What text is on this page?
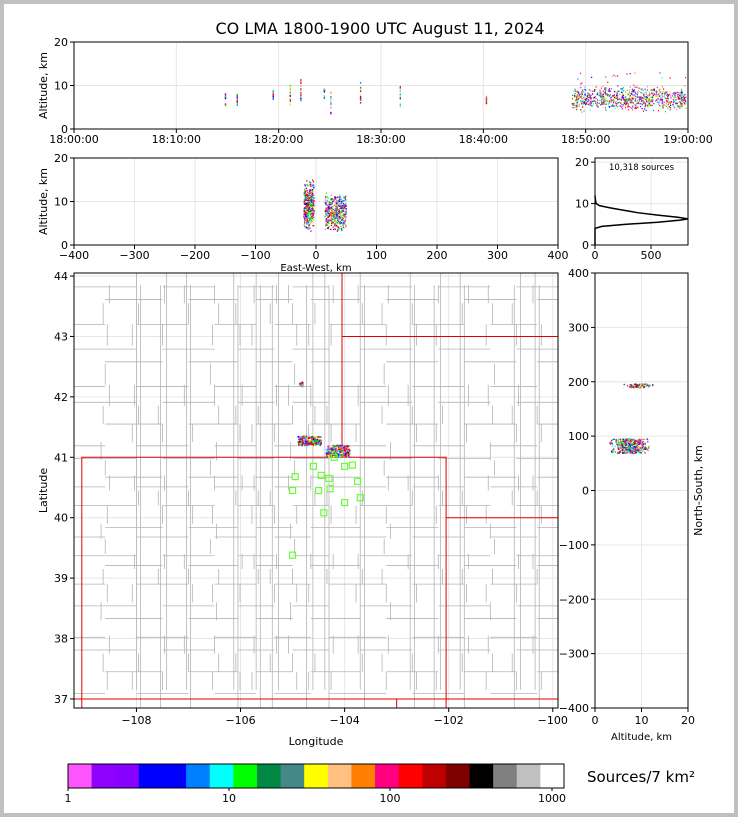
CO LMA 1800-1900 UTC August 11, 2024
18:00:00	18:10:00	18:20:00	18:30:00	18:40:00	18:50:00	19:00:00
0
10
20
Altitude, km
−400	−300	−200	−100	0	100	200	300	400
0
10
20
East-West, km
Altitude, km
0	500
0
10
20 10,318 sources
−108	−106	−104	−102	−100
37
38
39
40
41
42
43
44
Longitude
Latitude
0	10	20
−400
−300
−200
−100
0
100
200
300
400
Altitude, km
North-South, km
1	10	100	1000
Sources/7 km²
